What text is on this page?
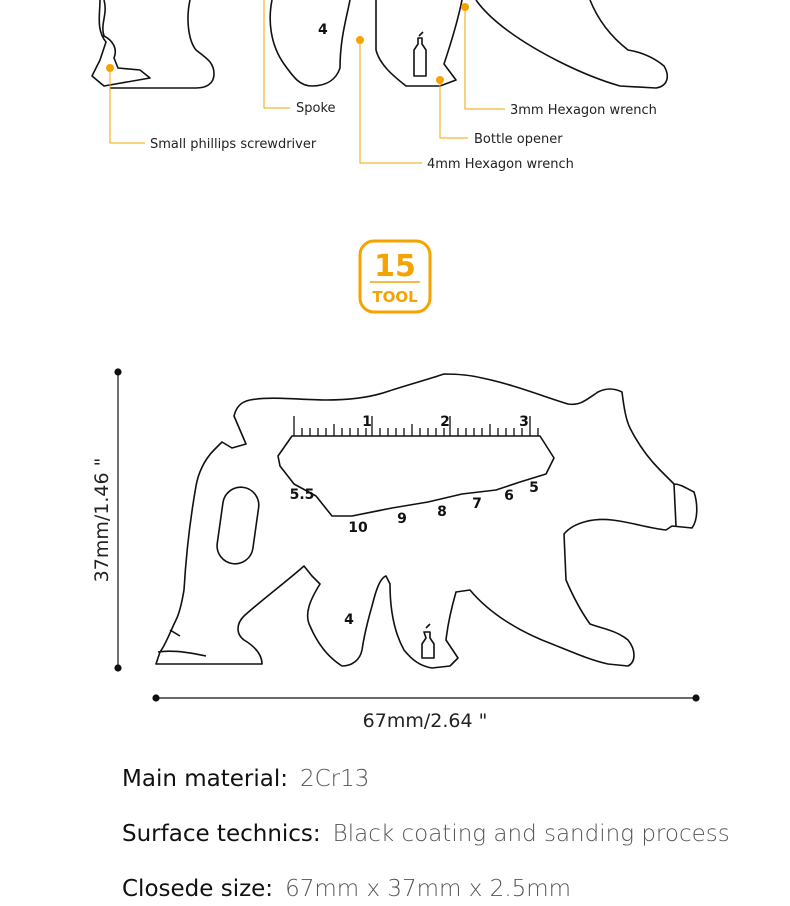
4
Spoke	3mm Hexagon wrench
Small phillips screwdriver	Bottle opener
4mm Hexagon wrench
15
TOOL
1	2	3
5.5
10
9 8 7 6 5
4
37mm/1.46 "
67mm/2.64 "
Main material: 2Cr13
Surface technics: Black coating and sanding process
Closede size: 67mm x 37mm x 2.5mm
